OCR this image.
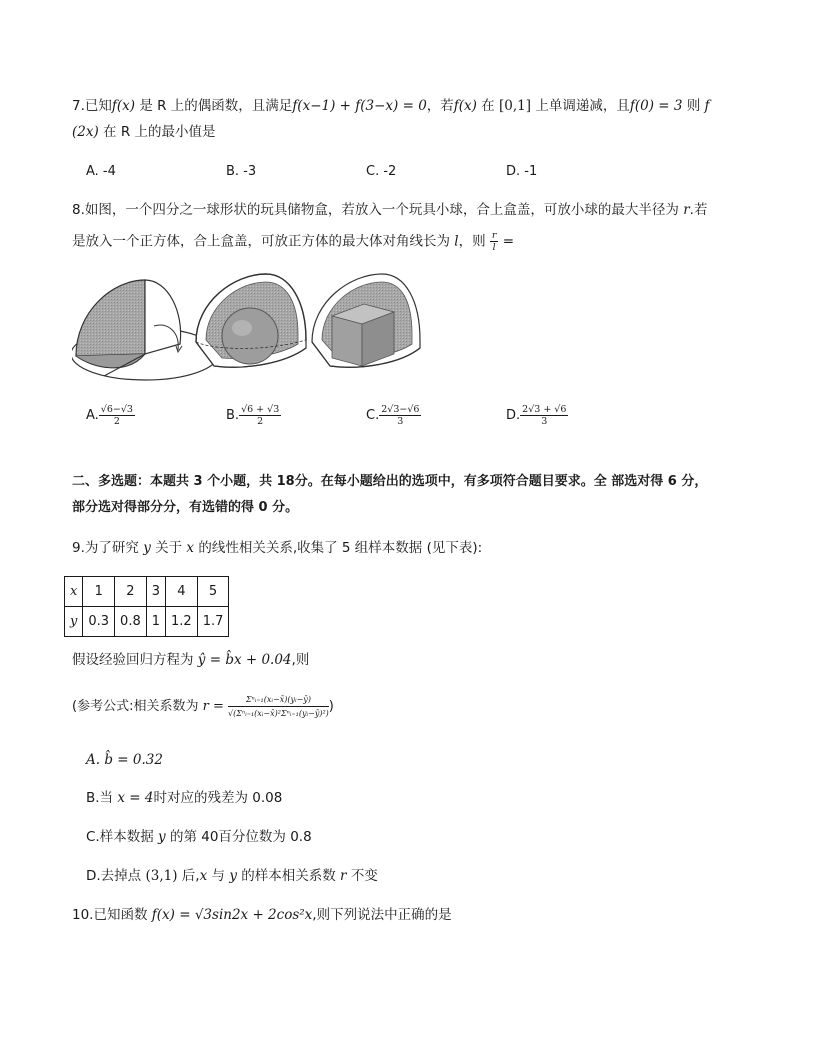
7.已知f(x) 是 R 上的偶函数，且满足f(x−1) + f(3−x) = 0，若f(x) 在 [0,1] 上单调递减，且f(0) = 3 则 f
(2x) 在 R 上的最小值是
A. -4	B. -3	C. -2	D. -1
8.如图，一个四分之一球形状的玩具储物盒，若放入一个玩具小球，合上盒盖，可放小球的最大半径为 r.若
是放入一个正方体，合上盒盖，可放正方体的最大体对角线长为 l，则 $\frac{r}{l}$ =
A. $\frac{√6-√3}{2}$	B. $\frac{√6 + √3}{2}$	C. $\frac{2√3-√6}{3}$	D. $\frac{2√3 + √6}{3}$
二、多选题：本题共 3 个小题，共 18分。在每小题给出的选项中，有多项符合题目要求。全 部选对得 6 分，
部分选对得部分分，有选错的得 0 分。
9.为了研究 y 关于 x 的线性相关关系,收集了 5 组样本数据 (见下表):
x	1	2	3	4	5
y	0.3	0.8	1	1.2	1.7
假设经验回归方程为 ŷ = b̂x + 0.04,则
(参考公式:相关系数为 $r = \frac{\text{Σⁿᵢ₌₁(xᵢ−x̄)(yᵢ−ȳ)}}{\text{√(Σⁿᵢ₌₁(xᵢ−x̄)²Σⁿᵢ₌₁(yᵢ−ȳ)²)}}$ )
A. b̂ = 0.32
B.当 x = 4时对应的残差为 0.08
C.样本数据 y 的第 40百分位数为 0.8
D.去掉点 (3,1) 后,x 与 y 的样本相关系数 r 不变
10.已知函数 f(x) = √3sin2x + 2cos²x,则下列说法中正确的是
